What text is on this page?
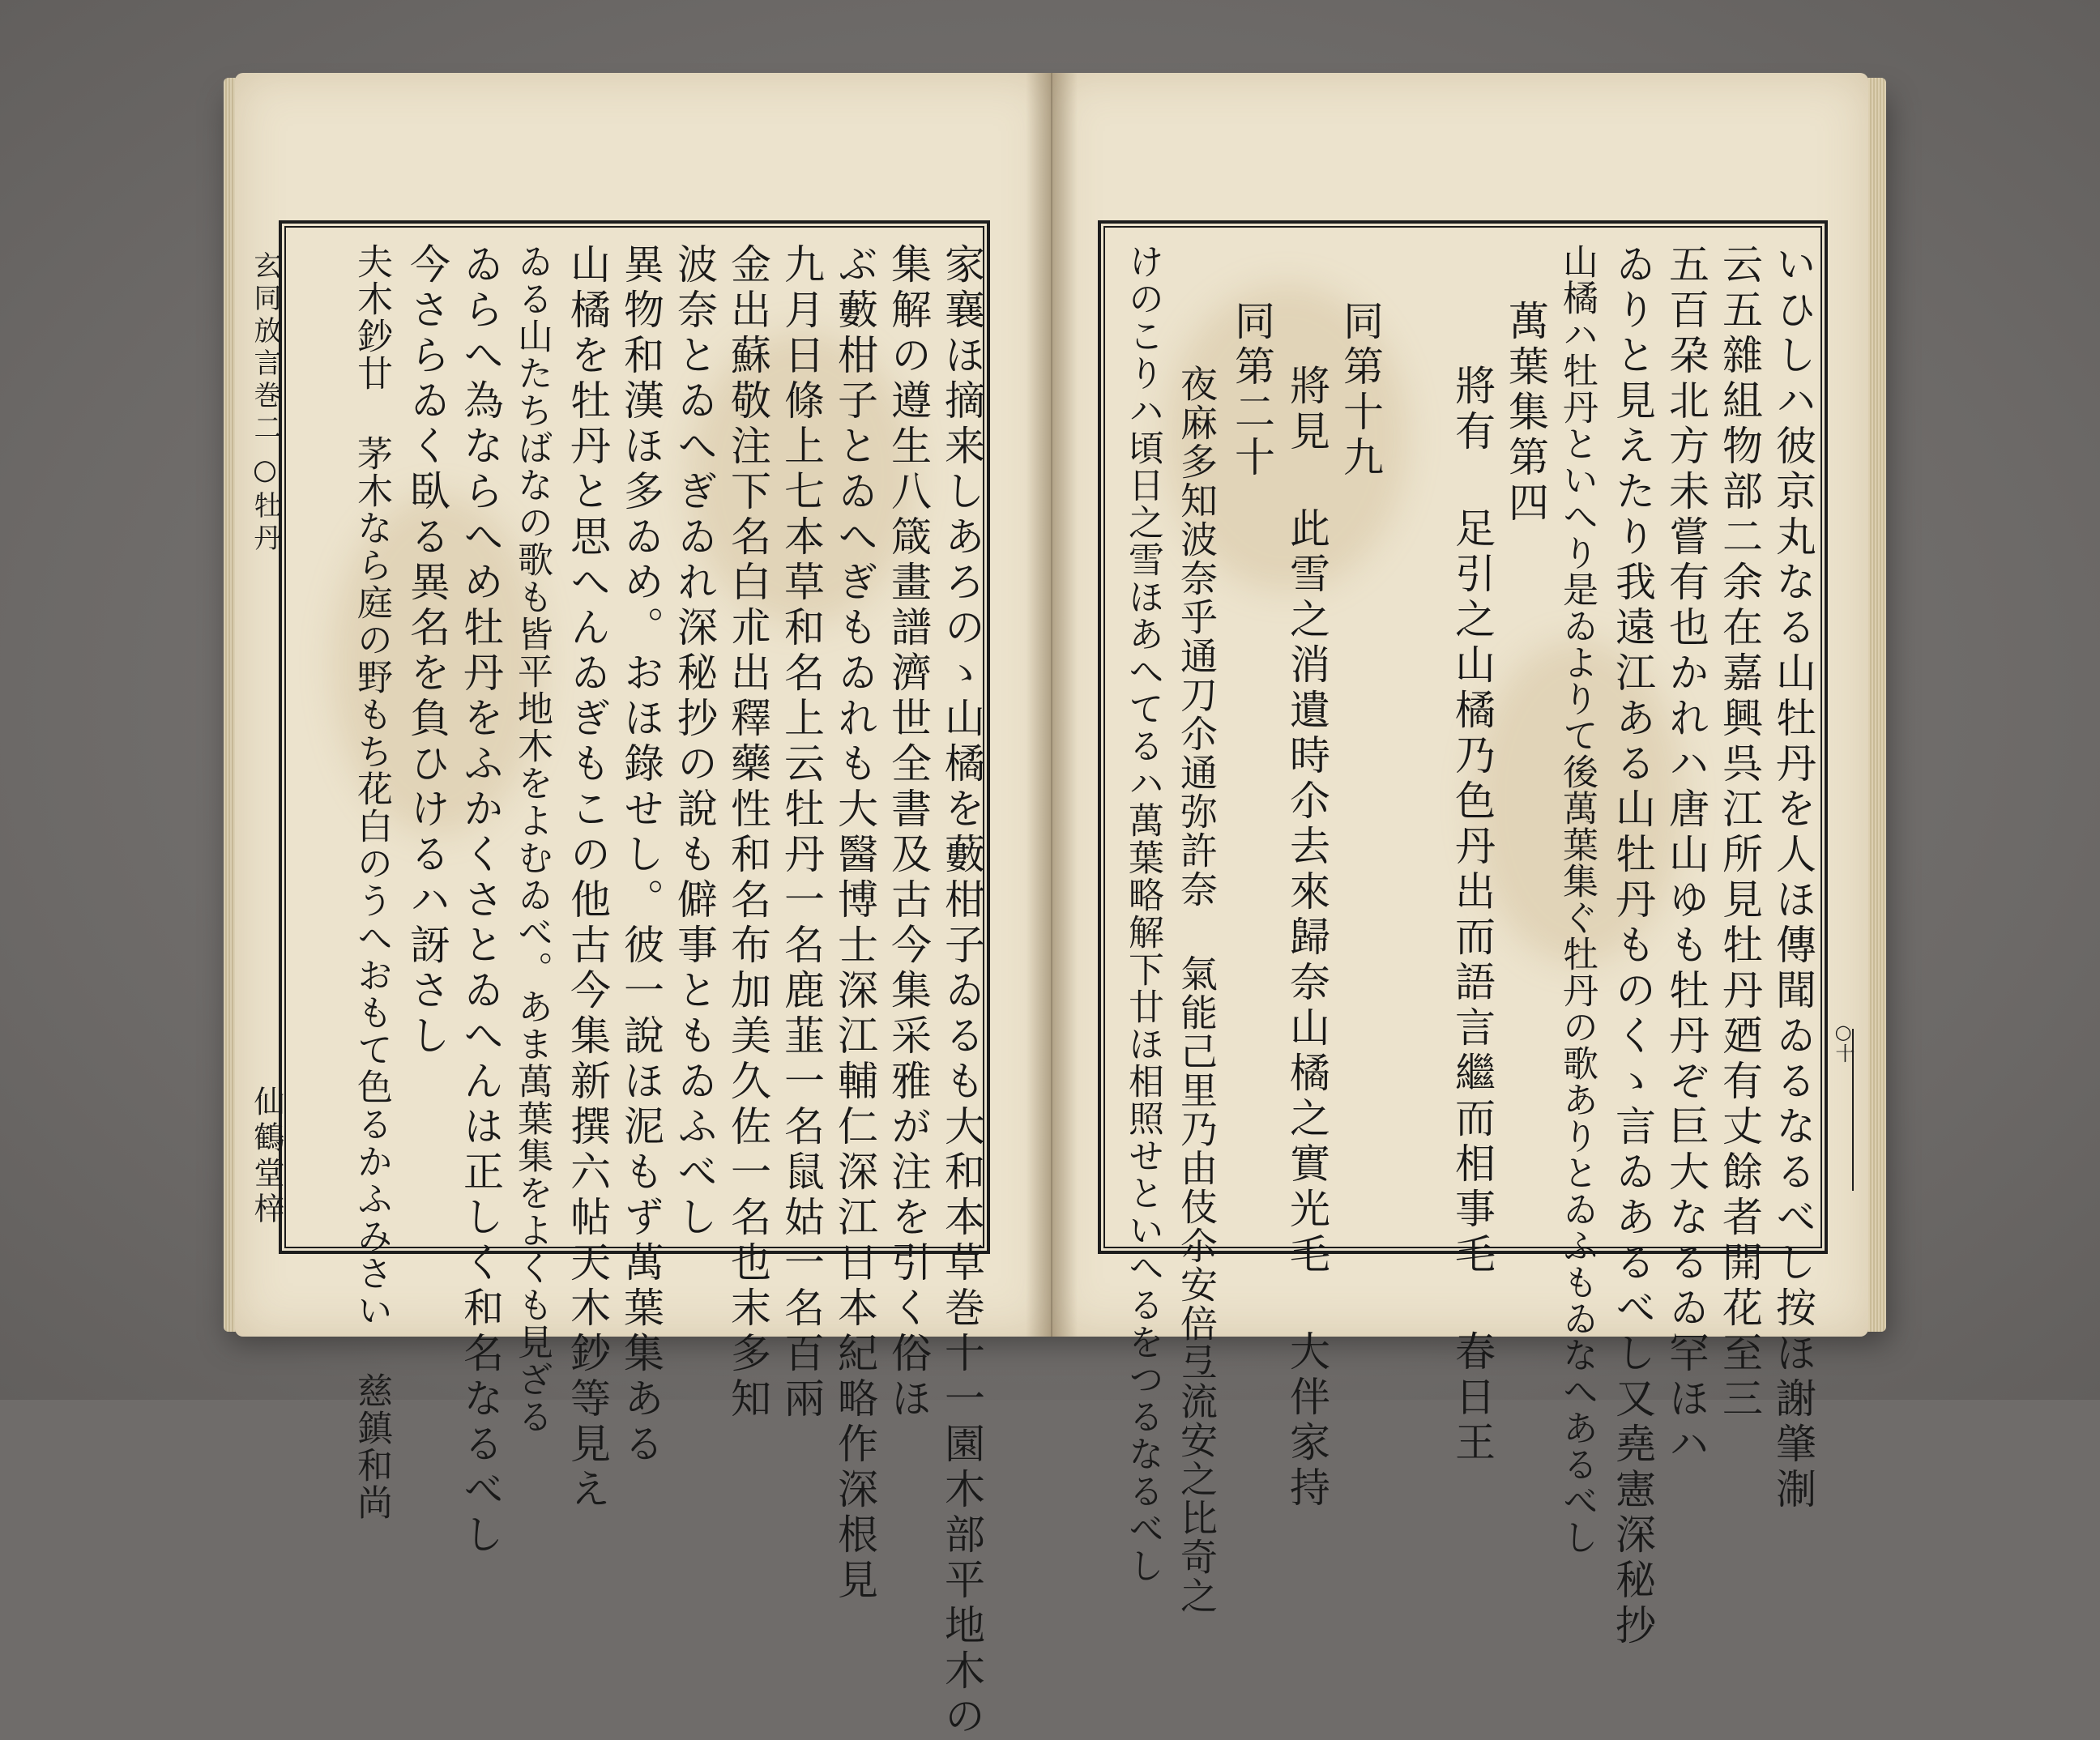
玄同放言巻二
○牡丹
仙鶴堂梓	家襄ほ摘来しあろのゝ山橘を藪柑子ゐるも大和本草巻十一園木部平地木の
集解の遵生八箴畫譜濟世全書及古今集采雅が注を引く俗ほ
ぶ藪柑子とゐへぎもゐれも大醫博士深江輔仁深江日本紀略作深根見
九月日條上七本草和名上云牡丹一名鹿韮一名鼠姑一名百兩
金出蘇敬注下名白朮出釋藥性和名布加美久佐一名也末多知
波奈とゐへぎゐれ深秘抄の說も僻事ともゐふべし
異物和漢ほ多ゐめ。おほ錄せし。彼一說ほ泥もず萬葉集ある
山橘を牡丹と思へんゐぎもこの他古今集新撰六帖天木鈔等見え
ゐる山たちばなの歌も皆平地木をよむゐべ。あま萬葉集をよくも見ざる
ゐらへ為ならへめ牡丹をふかくさとゐへんは正しく和名なるべし
今さらゐく臥る異名を負ひけるハ訝さし
夫木鈔廿 茅木なら庭の野もち花白のうへおもて色るかふみさい 慈鎮和尚	いひしハ彼京丸なる山牡丹を人ほ傳聞ゐるなるべし按ほ謝肇淛
云五雜組物部二余在嘉興呉江所見牡丹廼有丈餘者開花至三
五百朶北方未嘗有也かれハ唐山ゆも牡丹ぞ巨大なるゐ罕ほハ
ゐりと見えたり我遠江ある山牡丹ものくゝ言ゐあるべし又堯憲深秘抄
山橘ハ牡丹といへり是ゐよりて後萬葉集ぐ牡丹の歌ありとゐふもゐなへあるべし
萬葉集第四
將有 足引之山橘乃色丹出而語言繼而相事毛 春日王
同第十九
將見 此雪之消遺時尒去來歸奈山橘之實光毛 大伴家持
同第二十
夜麻多知波奈乎通刀尒通弥許奈 氣能己里乃由伎尒安倍弖流安之比奇之
けのこりハ頃日之雪ほあへてるハ萬葉略解下廿ほ相照せといへるをつるなるべし	○十
